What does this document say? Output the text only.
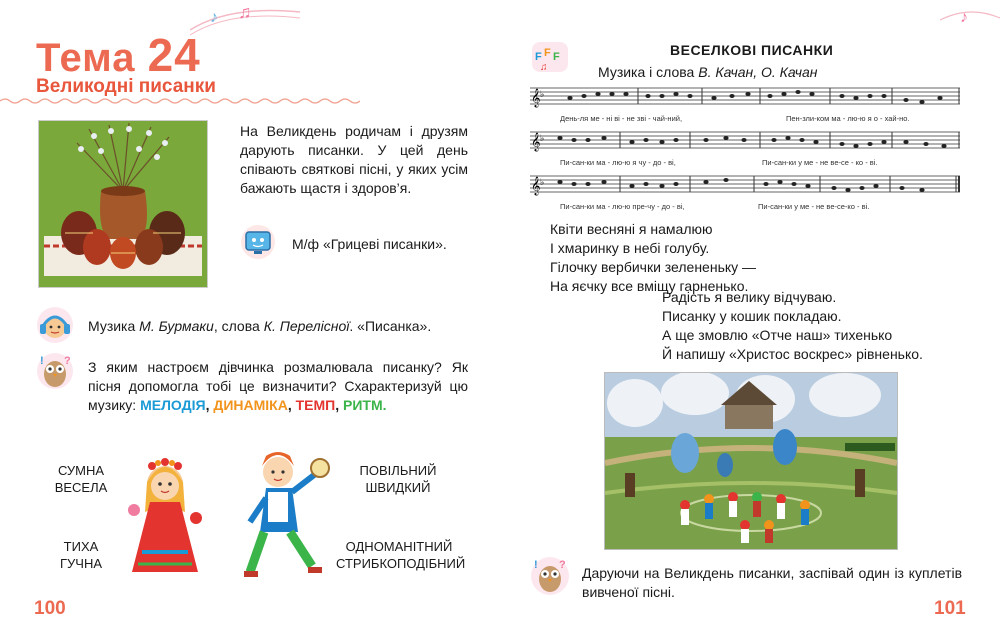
♪ ♫
Тема 24
Великодні писанки
На Великдень родичам і друзям дарують писанки. У цей день співають святкові пісні, у яких усім бажають щастя і здоров’я.
М/ф «Грицеві писанки».
Музика М. Бурмаки, слова К. Перелісної. «Писанка».
! ? З яким настроєм дівчинка розмалювала писанку? Як пісня допомогла тобі це визначити? Схарактеризуй цю музику: МЕЛОДІЯ, ДИНАМІКА, ТЕМП, РИТМ.
СУМНА
ВЕСЕЛА
ТИХА
ГУЧНА
ПОВІЛЬНИЙ
ШВИДКИЙ
ОДНОМАНІТНИЙ
СТРИБКОПОДІБНИЙ
100
F F F
♫
ВЕСЕЛКОВІ ПИСАНКИ
Музика і слова В. Качан, О. Качан
𝄞 ♭
День-ля ме - ні ві - не зві - чай-ний,	Пен-зли-ком ма - лю-ю я о - хай-но.
𝄞 ♭
Пи-сан-ки ма - лю-ю я чу - до - ві,	Пи-сан-ки у ме - не ве-се - ко - ві.
𝄞 ♭
Пи-сан-ки ма - лю-ю пре-чу - до - ві,	Пи-сан-ки у ме - не ве-се-ко - ві.
Квіти весняні я намалюю
І хмаринку в небі голубу.
Гілочку вербички зелененьку —
На яєчку все вміщу гарненько.
Радість я велику відчуваю.
Писанку у кошик покладаю.
А ще змовлю «Отче наш» тихенько
Й напишу «Христос воскрес» рівненько.
! ? Даруючи на Великдень писанки, заспівай один із куплетів вивченої пісні.
♪
101
